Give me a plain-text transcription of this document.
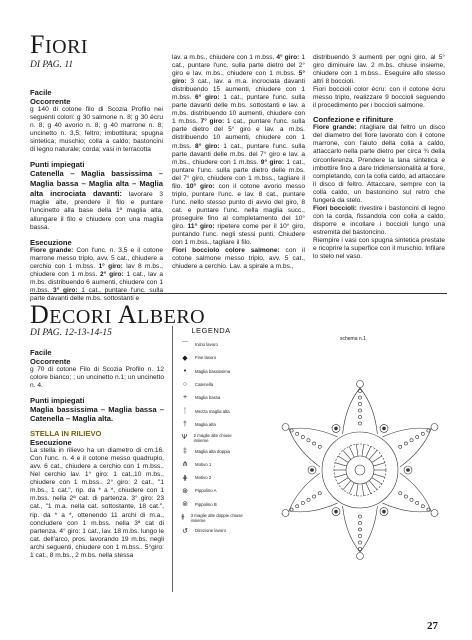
FIORI
DI PAG. 11

Facile

Occorrente

g 140 di cotone filo di Scozia Profilo nei seguenti colori: g 30 salmone n. 8; g 30 écru n. 8; g 40 avorio n. 8; g 40 marrone n. 8; uncinetto n. 3,5; feltro; imbottitura; spugna sintetica; muschio; colla a caldo; bastoncini di legno naturale; corda; vasi in terracotta

Punti impiegati

Catenella – Maglia bassissima – Maglia bassa – Maglia alta – Maglia alta incrociata davanti: lavorare 3 maglie alte, prendere il filo e puntare l'uncinetto alla base della 1ª maglia alta, allungare il filo e chiudere con una maglia bassa.

Esecuzione

Fiore grande: Con l'unc. n. 3,5 e il cotone marrone messo triplo, avv. 5 cat., chiudere a cerchio con 1 m.bss. 1° giro: lav 8 m.bs., chiudere con 1 m.bss. 2° giro: 1 cat., lav a m.bs. distribuendo 6 aumenti, chiudere con 1 m.bss. 3° giro: 1 cat., puntare l'unc. sulla parte davanti delle m.bs. sottostanti e

lav. a m.bs., chiudere con 1 m.bss. 4° giro: 1 cat., puntare l'unc. sulla parte dietro del 2° giro e lav. m.bs., chiudere con 1 m.bss. 5° giro: 3 cat., lav. a m.a. incrociata davanti distribuendo 15 aumenti, chiudere con 1 m.bss. 6° giro: 1 cat., puntare l'unc. sulla parte davanti delle m.bs. sottostanti e lav. a m.bs. distribuendo 10 aumenti, chiudere con 1 m.bss. 7° giro: 1 cat., puntare l'unc. sulla parte dietro del 5° giro e lav. a m.bs. distribuendo 10 aumenti, chiudere con 1 m.bss. 8° giro: 1 cat., puntare l'unc. sulla parte davanti delle m.bs. del 7° giro e lav. a m.bs., chiudere con 1 m.bss. 9° giro: 1 cat., puntare l'unc. sulla parte dietro delle m.bs. del 7° giro, chiudere con 1 m.bss., tagliare il filo. 10° giro: con il cotone avorio messo triplo, puntare l'unc. e lav. 8 cat., puntare l'unc. nello stesso punto di avvio del giro, 8 cat. e puntare l'unc. nella maglia succ., proseguire fino al completamento del 10° giro. 11° giro: ripetere come per il 10° giro, puntando l'unc. negli stessi punti. Chiudere con 1 m.bss., tagliare il filo.

Fiori bocciolo colore salmone: con il cotone salmone messo triplo, avv. 5 cat., chiudere a cerchio. Lav. a spirale a m.bs.,

distribuendo 3 aumenti per ogni giro, al 5° giro diminuire lav. 2 m.bs. chiuse insieme, chiudere con 1 m.bss.. Eseguire allo stesso altri 8 boccioli.

Fiori boccioli color écru: con il cotone écru messo triplo, realizzare 9 boccioli seguendo il procedimento per i boccioli salmone.

Confezione e rifiniture

Fiore grande: ritagliare dal feltro un disco del diametro del fiore lavorato con il cotone marrone, con l'aiuto della colla a caldo, attaccarlo nella parte dietro per circa ¾ della circonferenza. Prendere la lana sintetica e imbottire fino a dare tridimensionalità al fiore, completando, con la colla caldo, ad attaccare il disco di feltro. Attaccare, sempre con la colla caldo, un bastoncino sul retro che fungerà da stelo.

Fiori boccioli: rivestire i bastoncini di legno con la corda, fissandola con colla a caldo, disporre e incollare i boccioli lungo una estremità del bastoncino.

Riempire i vasi con spugna sintetica prestate e ricoprire la superfice con il muschio. Infilare lo stelo nel vaso.

DECORI ALBERO
DI PAG. 12-13-14-15

Facile

Occorrente

g 70 di cotone Filo di Scozia Profilo n. 12 colore bianco; ; un uncinetto n.1; un uncinetto n. 4.

Punti impiegati

Maglia bassissima – Maglia bassa – Catenella – Maglia alta.

STELLA IN RILIEVO

Esecuzione

La stella in rilievo ha un diametro di cm.16. Con l'unc. n. 4 e il cotone messo quadruplo, avv. 6 cat., chiudere a cerchio con 1 m.bss.. Nel cerchio lav. 1° giro: 1 cat.,10 m.bs., chiudere con 1 m.bss.. 2° giro: 2 cat., "1 m.bs., 1 cat.", rip. da * a *, chiudere con 1 m.bss. nella 2ª cat. di partenza. 3° giro: 23 cat., "1 m.a. nella cat. sottostante, 18 cat.", rip. da * a *, ottenendo 11 archi di m.a., concludere con 1 m.bss. nella 3ª cat di partenza. 4° giro: 1 cat., lav. 18 m.bs. lungo le cat. dell'arco, pros. lavorando 19 m.bs. negli archi seguenti, chiudere con 1 m.bss.. 5°giro: 1 cat., 8 m.bs., 2 m.bs. nella stessa

LEGENDA
⌒	Inizio lavoro
◆	Fine lavoro
•	Maglia bassissima
○	Catenella
+	Maglia bassa
ᛙ	Mezza maglia alta
†	Maglia alta
Ѱ	2 maglie alte chiuse insieme
‡	Maglia alta doppia
⋔	Motivo 1
⋕	Motivo 2
⊛	Pippolino A
⊚	Pippolino B
⫵	3 maglie alte doppie chiuse insieme
↺	Direzione lavoro
schema n.1
27
